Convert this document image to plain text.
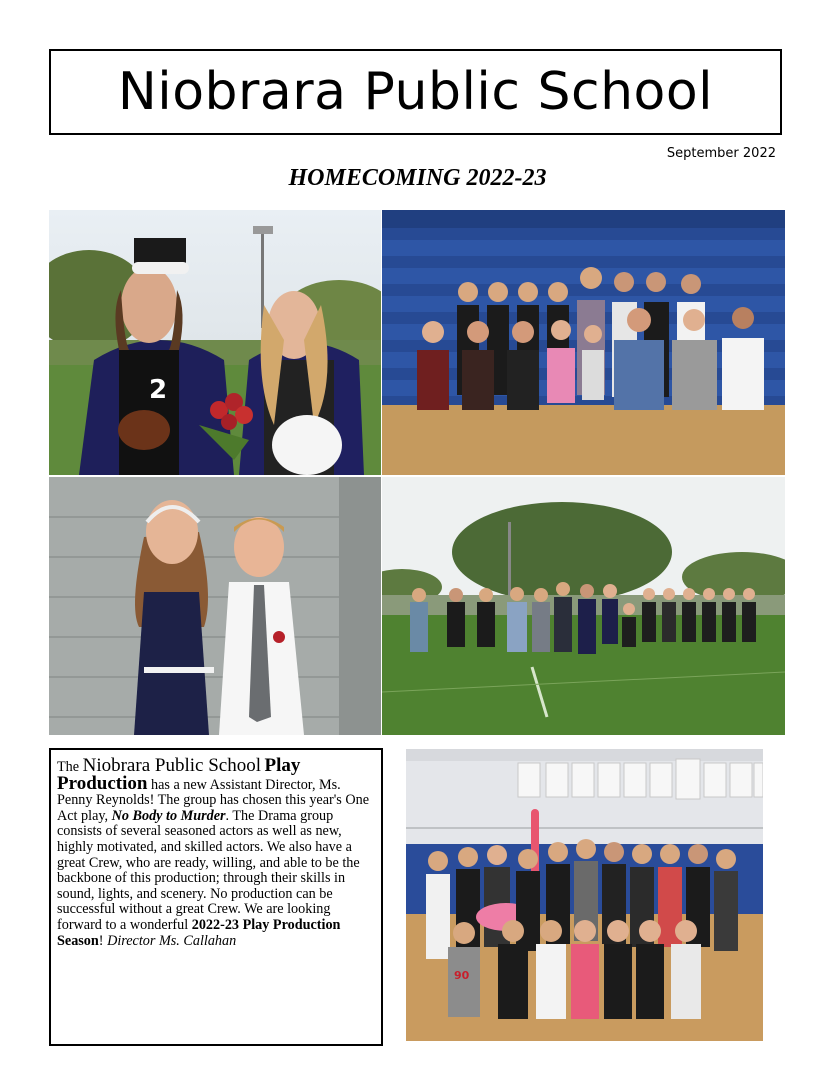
Niobrara Public School
September 2022
HOMECOMING 2022-23
2
The Niobrara Public School Play Production has a new Assistant Director, Ms. Penny Reynolds! The group has chosen this year's One Act play, No Body to Murder. The Drama group consists of several seasoned actors as well as new, highly motivated, and skilled actors. We also have a great Crew, who are ready, willing, and able to be the backbone of this production; through their skills in sound, lights, and scenery. No production can be successful without a great Crew. We are looking forward to a wonderful 2022-23 Play Production Season! Director Ms. Callahan
90
